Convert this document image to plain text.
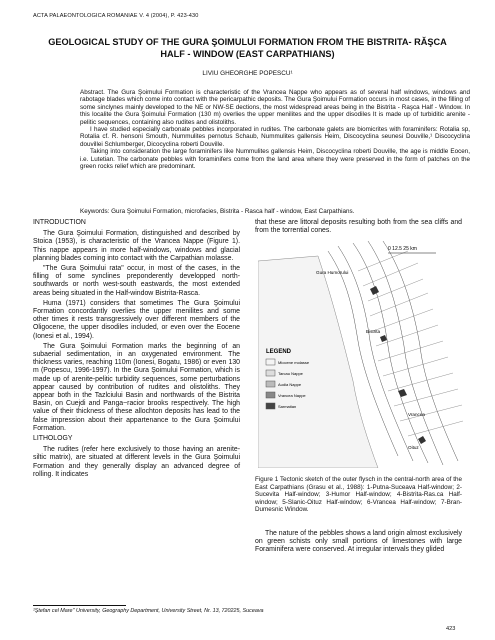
ACTA PALAEONTOLOGICA ROMANIAE V. 4 (2004), P. 423-430
GEOLOGICAL STUDY OF THE GURA ŞOIMULUI FORMATION FROM THE BISTRITA- RĂŞCA HALF - WINDOW (EAST CARPATHIANS)
LIVIU GHEORGHE POPESCU¹

Abstract. The Gura Şoimului Formation is characteristic of the Vrancea Nappe who appears as of several half windows, windows and rabotage blades which come into contact with the pericarpathic deposits. The Gura Şoimului Formation occurs in most cases, in the filling of some sinclynes mainly developed to the NE or NW-SE dections, the most widespread areas being in the Bistrita - Raşca Half - Window. In this localite the Gura Şoimului Formation (130 m) overlies the upper menilites and the upper disodiles It is made up of turbiditic arenite - pelitic sequences, containing also rudites and olistoliths.

I have studied especially carbonate pebbles incorporated in rudites. The carbonate galets are biomicrites with foraminifers: Rotalia sp, Rotalia cf. R. hensoni Smouth, Nummulites pernotus Schaub, Nummulites gallensis Heim, Discocyclina seunesi Douville,¹ Discocyclina douvillei Schlumberger, Dicocyclina roberti Douville.

Taking into consideration the large foraminifers like Nummulites gallensis Heim, Discocyclina roberti Douville, the age is middle Eocen, i.e. Lutetian. The carbonate pebbles with foraminifers come from the land area where they were preserved in the form of patches on the green rocks relief which are predominant.

Keywords: Gura Şoimului Formation, microfacies, Bistrita - Rasca half - window, East Carpathians.
INTRODUCTION

The Gura Şoimului Formation, distinguished and described by Stoica (1953), is characteristic of the Vrancea Nappe (Figure 1). This nappe appears in more half-windows, windows and glacial planning blades coming into contact with the Carpathian molasse.

"The Gura Şoimului rata" occur, in most of the cases, in the filling of some synclines preponderently developped north-southwards or north west-south eastwards, the most extended areas being situated in the Half-window Bistrita-Rasca.

Huma (1971) considers that sometimes The Gura Şoimului Formation concordantly overlies the upper menilites and some other times it rests transgressively over different members of the Oligocene, the upper disodiles included, or even over the Eocene (Ionesi et al., 1994).

The Gura Şoimului Formation marks the beginning of an subaerial sedimentation, in an oxygenated environment. The thickness varies, reaching 110m (Ionesi, Bogatu, 1986) or even 130 m (Popescu, 1996-1997). In the Gura Şoimului Formation, which is made up of arenite-pelitic turbidity sequences, some perturbations appear caused by contribution of rudites and olistoliths. They appear both in the Tazlciului Basin and northwards of the Bistrita Basin, on Cuejdi and Panga~racior brooks respectively. The high value of their thickness of these allochton deposits has lead to the false impression about their appartenance to the Gura Şoimului Formation.

LITHOLOGY

The rudites (refer here exclusively to those having an arenite-siltic matrix), are situated at different levels in the Gura Şoimului Formation and they generally display an advanced degree of rolling. It indicates

that these are littoral deposits resulting both from the sea cliffs and from the torrential cones.
0 12.5 25 km
Gura Humorului
Bistrita
Vrancea
Oituz
LEGEND
Miocene molasse
Tarcau Nappe
Audia Nappe
Vrancea Nappe
Sarmatian
Figure 1 Tectonic sketch of the outer flysch in the central-north area of the East Carpathians (Grasu et al., 1988): 1-Putna-Suceava Half-window; 2-Sucevita Half-window; 3-Humor Half-window; 4-Bistrita-Ras.ca Half-window; 5-Slanic-Oituz Half-window; 6-Vrancea Half-window; 7-Bran-Dumesnic Window.
The nature of the pebbles shows a land origin almost exclusively on green schists only small portions of limestones with large Foraminifera were conserved. At irregular intervals they glided
¹Ştefan cel Mare" University, Geography Department, University Street, Nr. 13, 720225, Suceava
423
